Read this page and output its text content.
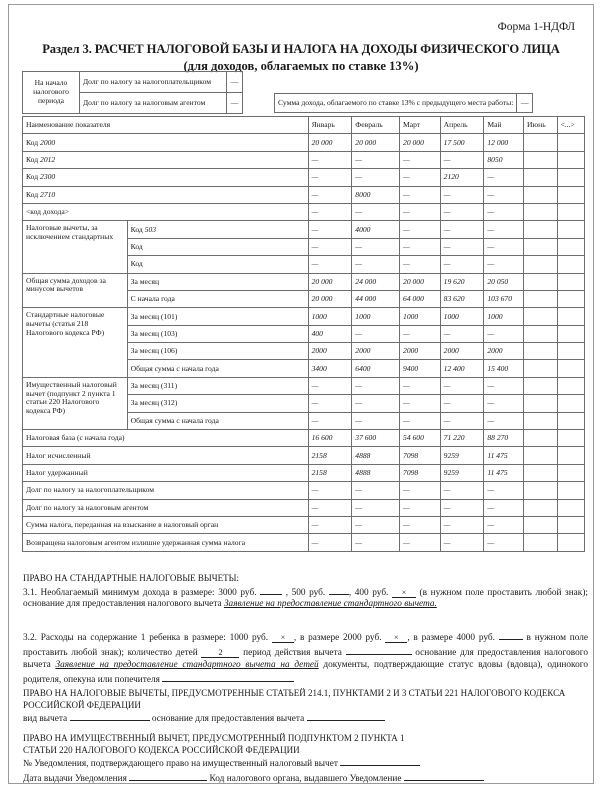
Форма 1-НДФЛ
Раздел 3. РАСЧЕТ НАЛОГОВОЙ БАЗЫ И НАЛОГА НА ДОХОДЫ ФИЗИЧЕСКОГО ЛИЦА
(для доходов, облагаемых по ставке 13%)
На начало налогового периода	Долг по налогу за налогоплательщиком	—
	Долг по налогу за налоговым агентом	—	Сумма дохода, облагаемого по ставке 13% с предыдущего места работы:	—
Наименование показателя		Январь	Февраль	Март	Апрель	Май	Июнь	<...>
Код 2000		20 000	20 000	20 000	17 500	12 000		
Код 2012		—	—	—	—	8050		
Код 2300		—	—	—	2120	—		
Код 2710		—	8000	—	—	—		
<код дохода>		—	—	—	—	—		
Налоговые вычеты, за исключением стандартных	Код 503	—	4000	—	—	—		
	Код	—	—	—	—	—		
	Код	—	—	—	—	—		
Общая сумма доходов за минусом вычетов	За месяц	20 000	24 000	20 000	19 620	20 050		
	С начала года	20 000	44 000	64 000	83 620	103 670		
Стандартные налоговые вычеты (статья 218 Налогового кодекса РФ)	За месяц (101)	1000	1000	1000	1000	1000		
	За месяц (103)	400	—	—	—	—		
	За месяц (106)	2000	2000	2000	2000	2000		
	Общая сумма с начала года	3400	6400	9400	12 400	15 400		
Имущественный налоговый вычет (подпункт 2 пункта 1 статьи 220 Налогового кодекса РФ)	За месяц (311)	—	—	—	—	—		
	За месяц (312)	—	—	—	—	—		
	Общая сумма с начала года	—	—	—	—	—		
Налоговая база (с начала года)		16 600	37 600	54 600	71 220	88 270		
Налог исчисленный		2158	4888	7098	9259	11 475		
Налог удержанный		2158	4888	7098	9259	11 475		
Долг по налогу за налогоплательщиком		—	—	—	—	—		
Долг по налогу за налоговым агентом		—	—	—	—	—		
Сумма налога, переданная на взыскание в налоговый орган		—	—	—	—	—		
Возвращена налоговым агентом излишне удержанная сумма налога		—	—	—	—	—		

ПРАВО НА СТАНДАРТНЫЕ НАЛОГОВЫЕ ВЫЧЕТЫ:

3.1. Необлагаемый минимум дохода в размере: 3000 руб.  , 500 руб. , 400 руб. × (в нужном поле проставить любой знак); основание для предоставления налогового вычета Заявление на предоставление стандартного вычета.

3.2. Расходы на содержание 1 ребенка в размере: 1000 руб. × , в размере 2000 руб. × , в размере 4000 руб.	в нужном поле проставить любой знак); количество детей 2 период действия вычета	основание для предоставления налогового вычета Заявление на предоставление стандартного вычета на детей документы, подтверждающие статус вдовы (вдовца), одинокого родителя, опекуна или попечителя

ПРАВО НА НАЛОГОВЫЕ ВЫЧЕТЫ, ПРЕДУСМОТРЕННЫЕ СТАТЬЕЙ 214.1, ПУНКТАМИ 2 И 3 СТАТЬИ 221 НАЛОГОВОГО КОДЕКСА РОССИЙСКОЙ ФЕДЕРАЦИИ

вид вычета	основание для предоставления вычета

ПРАВО НА ИМУЩЕСТВЕННЫЙ ВЫЧЕТ, ПРЕДУСМОТРЕННЫЙ ПОДПУНКТОМ 2 ПУНКТА 1

СТАТЬИ 220 НАЛОГОВОГО КОДЕКСА РОССИЙСКОЙ ФЕДЕРАЦИИ

№ Уведомления, подтверждающего право на имущественный налоговый вычет

Дата выдачи Уведомления	Код налогового органа, выдавшего Уведомление
